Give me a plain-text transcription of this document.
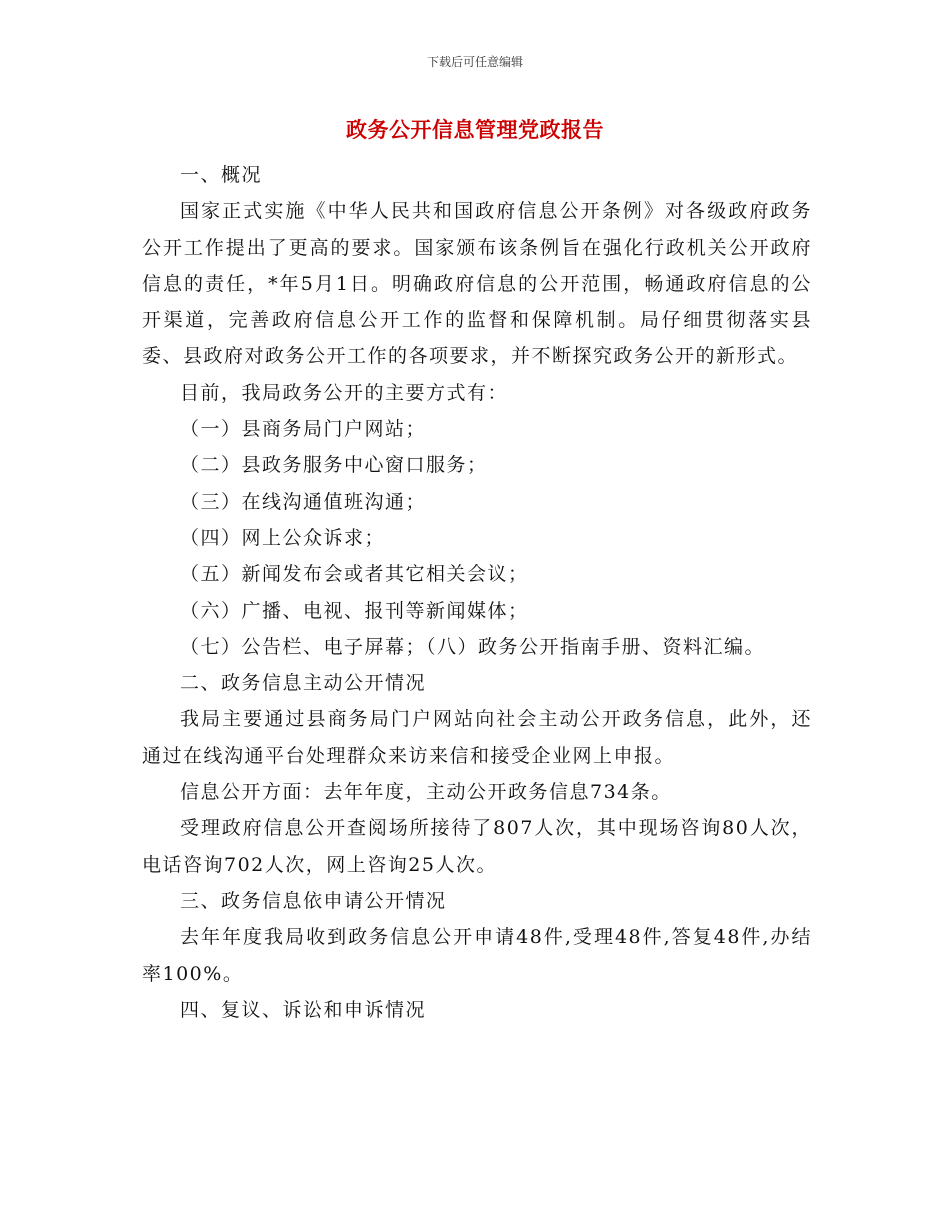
下载后可任意编辑
政务公开信息管理党政报告

一、概况

国家正式实施《中华人民共和国政府信息公开条例》对各级政府政务公开工作提出了更高的要求。国家颁布该条例旨在强化行政机关公开政府信息的责任，*年5月1日。明确政府信息的公开范围，畅通政府信息的公开渠道，完善政府信息公开工作的监督和保障机制。局仔细贯彻落实县委、县政府对政务公开工作的各项要求，并不断探究政务公开的新形式。

目前，我局政务公开的主要方式有：

（一）县商务局门户网站；

（二）县政务服务中心窗口服务；

（三）在线沟通值班沟通；

（四）网上公众诉求；

（五）新闻发布会或者其它相关会议；

（六）广播、电视、报刊等新闻媒体；

（七）公告栏、电子屏幕；（八）政务公开指南手册、资料汇编。

二、政务信息主动公开情况

我局主要通过县商务局门户网站向社会主动公开政务信息，此外，还通过在线沟通平台处理群众来访来信和接受企业网上申报。

信息公开方面：去年年度，主动公开政务信息734条。

受理政府信息公开查阅场所接待了807人次，其中现场咨询80人次，电话咨询702人次，网上咨询25人次。

三、政务信息依申请公开情况

去年年度我局收到政务信息公开申请48件,受理48件,答复48件,办结率100%。

四、复议、诉讼和申诉情况
